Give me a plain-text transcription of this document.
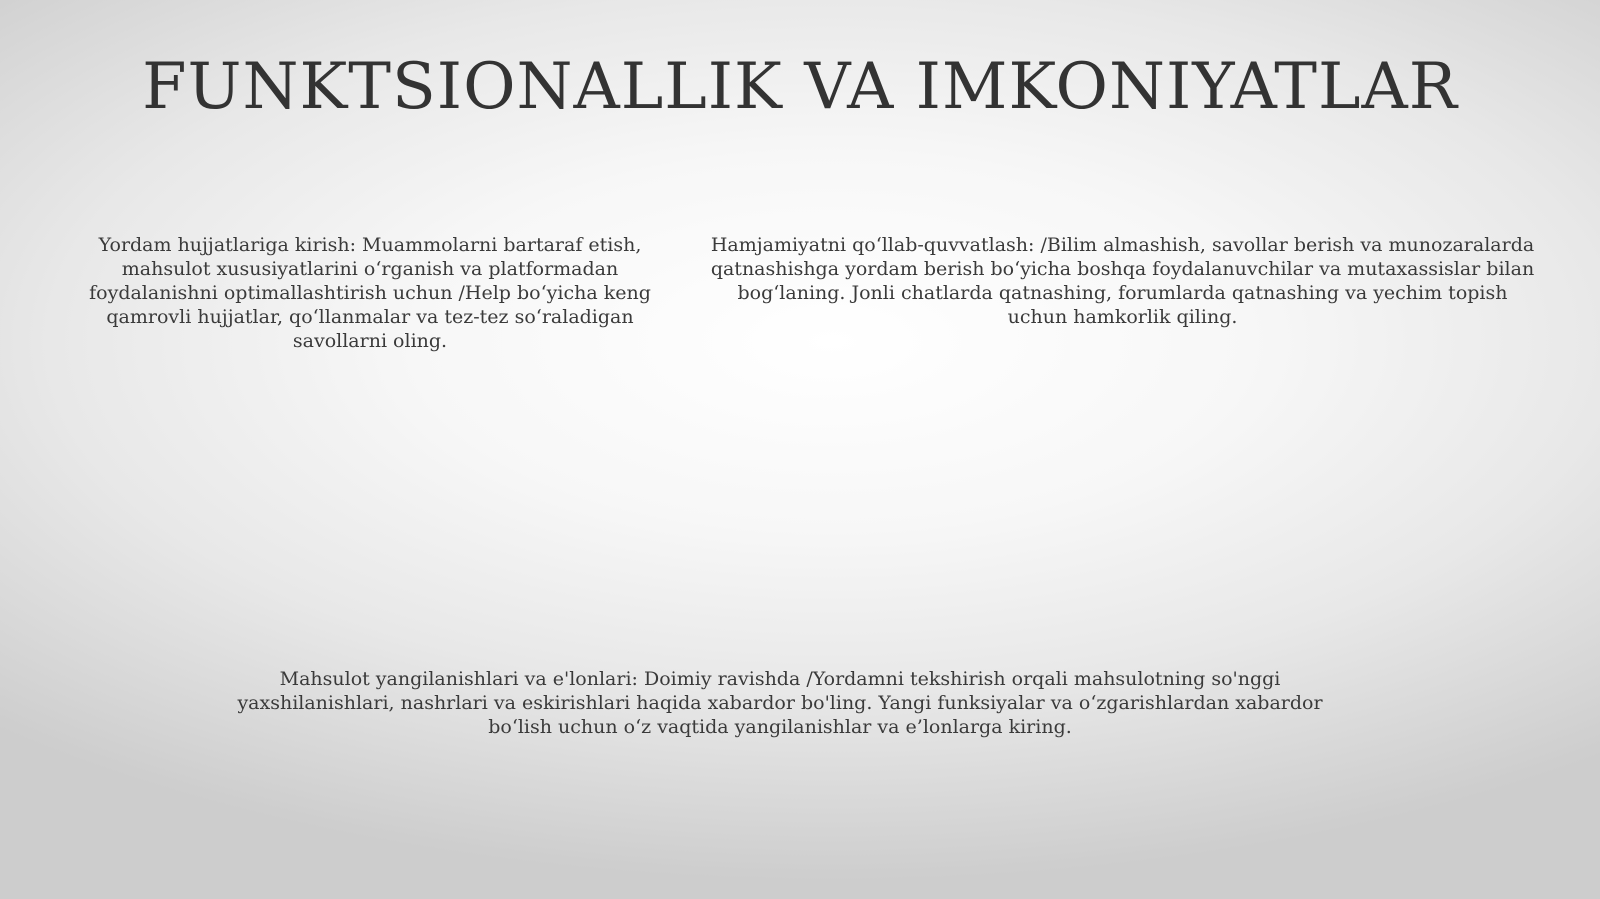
FUNKTSIONALLIK VA IMKONIYATLAR

Yordam hujjatlariga kirish: Muammolarni bartaraf etish, mahsulot xususiyatlarini o‘rganish va platformadan foydalanishni optimallashtirish uchun /Help bo‘yicha keng qamrovli hujjatlar, qo‘llanmalar va tez-tez so‘raladigan savollarni oling.

Hamjamiyatni qo‘llab-quvvatlash: /Bilim almashish, savollar berish va munozaralarda qatnashishga yordam berish bo‘yicha boshqa foydalanuvchilar va mutaxassislar bilan bog‘laning. Jonli chatlarda qatnashing, forumlarda qatnashing va yechim topish uchun hamkorlik qiling.

Mahsulot yangilanishlari va e'lonlari: Doimiy ravishda /Yordamni tekshirish orqali mahsulotning so'nggi yaxshilanishlari, nashrlari va eskirishlari haqida xabardor bo'ling. Yangi funksiyalar va o‘zgarishlardan xabardor bo‘lish uchun o‘z vaqtida yangilanishlar va e’lonlarga kiring.
